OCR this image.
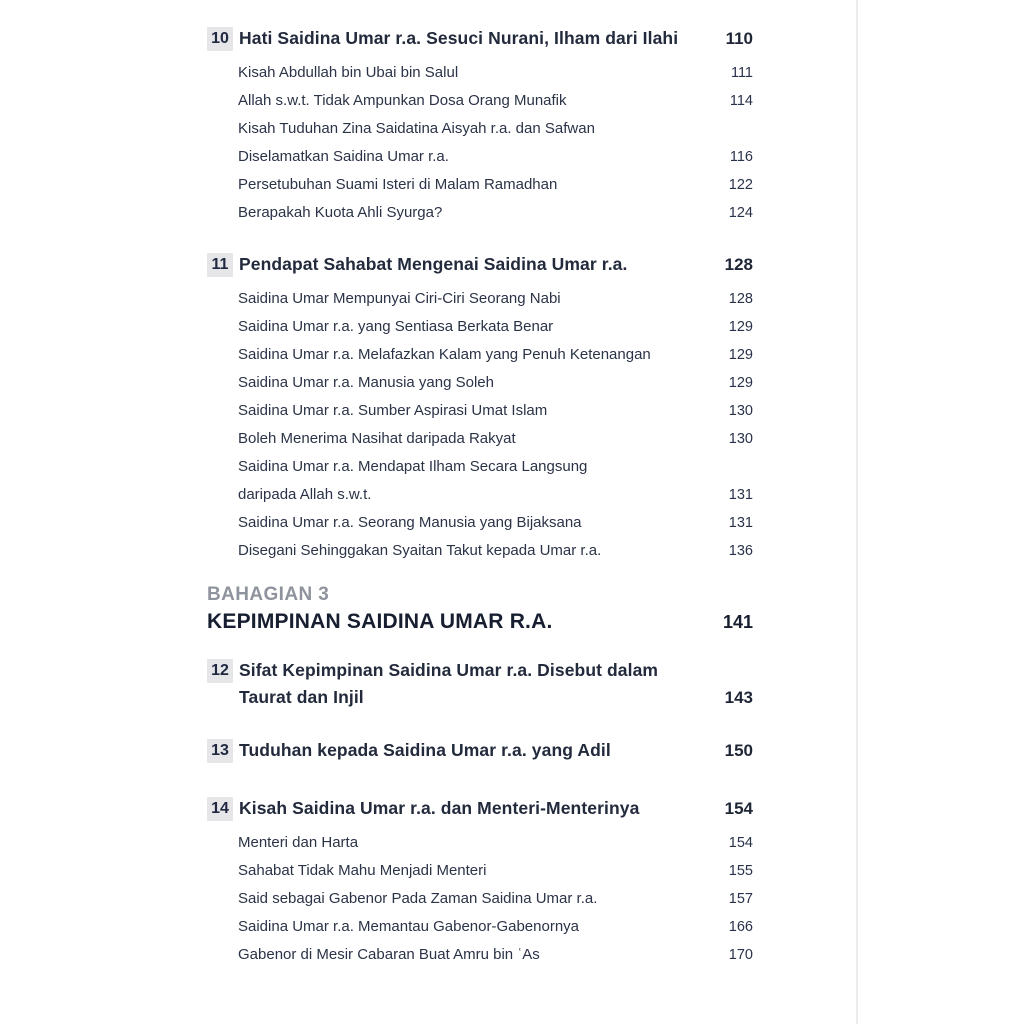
10 Hati Saidina Umar r.a. Sesuci Nurani, Ilham dari Ilahi	110
Kisah Abdullah bin Ubai bin Salul	111
Allah s.w.t. Tidak Ampunkan Dosa Orang Munafik	114
Kisah Tuduhan Zina Saidatina Aisyah r.a. dan Safwan
Diselamatkan Saidina Umar r.a.	116
Persetubuhan Suami Isteri di Malam Ramadhan	122
Berapakah Kuota Ahli Syurga?	124
11 Pendapat Sahabat Mengenai Saidina Umar r.a.	128
Saidina Umar Mempunyai Ciri-Ciri Seorang Nabi	128
Saidina Umar r.a. yang Sentiasa Berkata Benar	129
Saidina Umar r.a. Melafazkan Kalam yang Penuh Ketenangan	129
Saidina Umar r.a. Manusia yang Soleh	129
Saidina Umar r.a. Sumber Aspirasi Umat Islam	130
Boleh Menerima Nasihat daripada Rakyat	130
Saidina Umar r.a. Mendapat Ilham Secara Langsung
daripada Allah s.w.t.	131
Saidina Umar r.a. Seorang Manusia yang Bijaksana	131
Disegani Sehinggakan Syaitan Takut kepada Umar r.a.	136
BAHAGIAN 3
KEPIMPINAN SAIDINA UMAR R.A.	141
12 Sifat Kepimpinan Saidina Umar r.a. Disebut dalam
Taurat dan Injil	143
13 Tuduhan kepada Saidina Umar r.a. yang Adil	150
14 Kisah Saidina Umar r.a. dan Menteri-Menterinya	154
Menteri dan Harta	154
Sahabat Tidak Mahu Menjadi Menteri	155
Said sebagai Gabenor Pada Zaman Saidina Umar r.a.	157
Saidina Umar r.a. Memantau Gabenor-Gabenornya	166
Gabenor di Mesir Cabaran Buat Amru bin ʿAs	170
